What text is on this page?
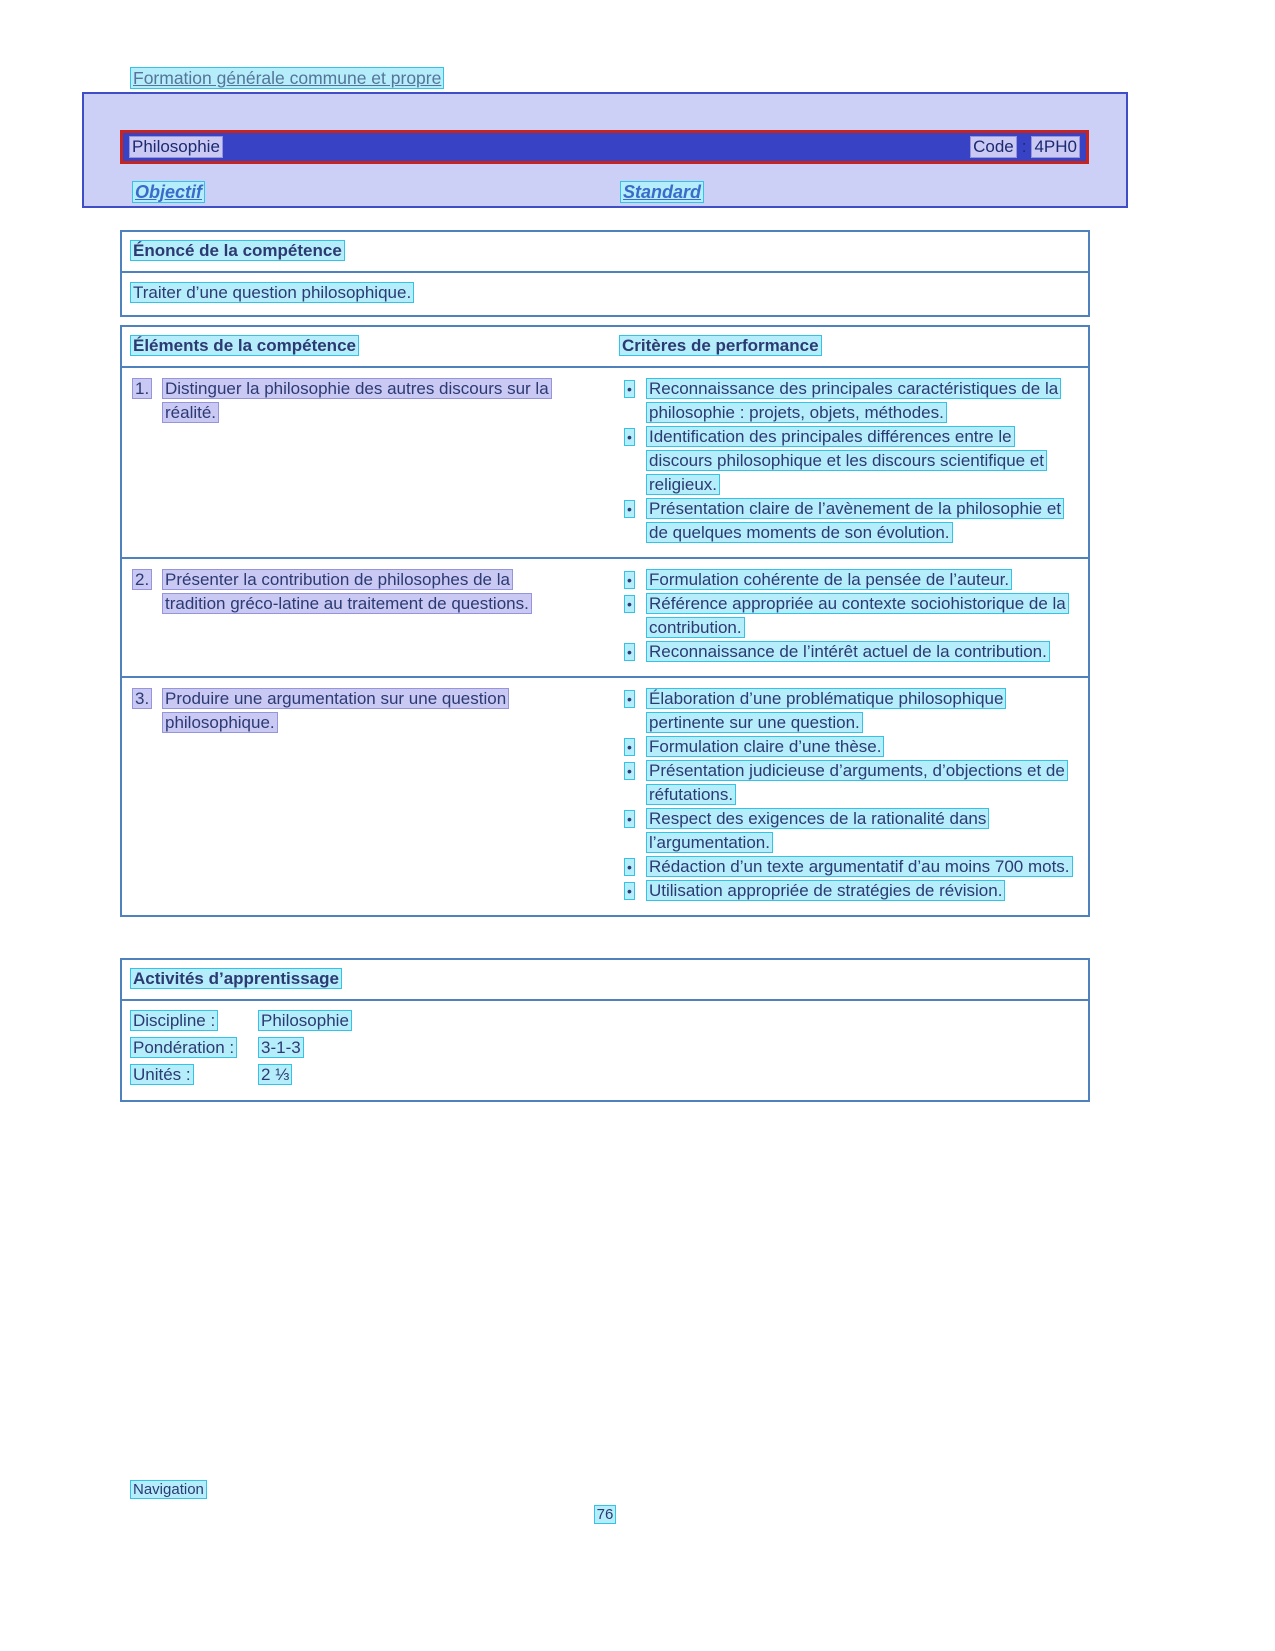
Formation générale commune et propre
Philosophie	Code : 4PH0
Objectif	Standard
Énoncé de la compétence
Traiter d’une question philosophique.
Éléments de la compétence	Critères de performance
1. Distinguer la philosophie des autres discours sur la réalité.
•	Reconnaissance des principales caractéristiques de la philosophie : projets, objets, méthodes.
•	Identification des principales différences entre le discours philosophique et les discours scientifique et religieux.
•	Présentation claire de l’avènement de la philosophie et de quelques moments de son évolution.
2. Présenter la contribution de philosophes de la tradition gréco-latine au traitement de questions.
•	Formulation cohérente de la pensée de l’auteur.
•	Référence appropriée au contexte sociohistorique de la contribution.
•	Reconnaissance de l’intérêt actuel de la contribution.
3. Produire une argumentation sur une question philosophique.
•	Élaboration d’une problématique philosophique pertinente sur une question.
•	Formulation claire d’une thèse.
•	Présentation judicieuse d’arguments, d’objections et de réfutations.
•	Respect des exigences de la rationalité dans l’argumentation.
•	Rédaction d’un texte argumentatif d’au moins 700 mots.
•	Utilisation appropriée de stratégies de révision.
Activités d’apprentissage
Discipline :	Philosophie
Pondération :	3-1-3
Unités :	2 ⅓
Navigation
76
